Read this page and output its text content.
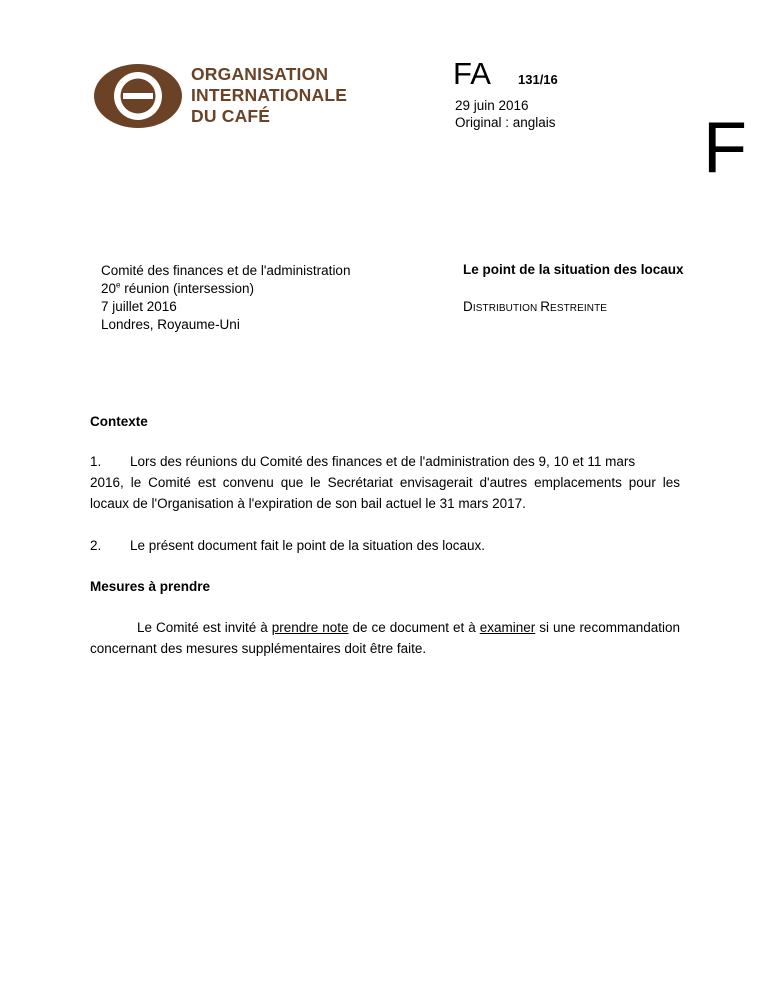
ORGANISATION
INTERNATIONALE
DU CAFÉ
FA 131/16
29 juin 2016
Original : anglais F
Comité des finances et de l'administration
20e réunion (intersession)
7 juillet 2016
Londres, Royaume-Uni
Le point de la situation des locaux
DISTRIBUTION RESTREINTE
Contexte
1. Lors des réunions du Comité des finances et de l'administration des 9, 10 et 11 mars
2016, le Comité est convenu que le Secrétariat envisagerait d'autres emplacements pour les locaux de l'Organisation à l'expiration de son bail actuel le 31 mars 2017.
2. Le présent document fait le point de la situation des locaux.
Mesures à prendre
Le Comité est invité à prendre note de ce document et à examiner si une recommandation concernant des mesures supplémentaires doit être faite.
